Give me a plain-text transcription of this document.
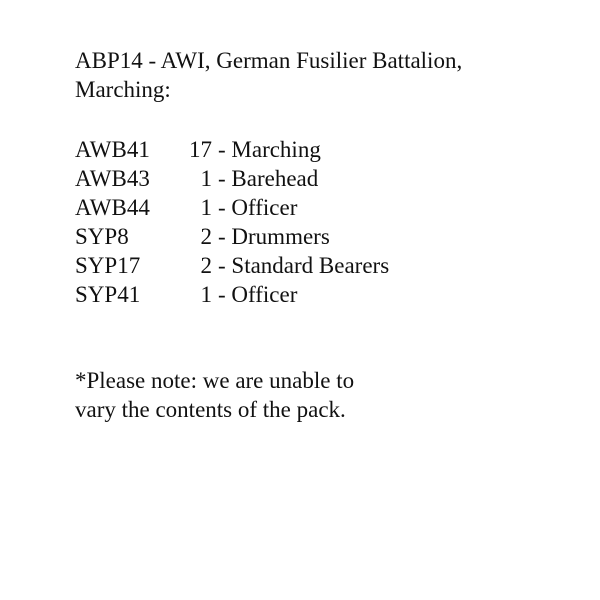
ABP14 - AWI, German Fusilier Battalion,
Marching:
AWB41 17 - Marching
AWB43 1 - Barehead
AWB44 1 - Officer
SYP8	2 - Drummers
SYP17	2 - Standard Bearers
SYP41	1 - Officer
*Please note: we are unable to
vary the contents of the pack.
